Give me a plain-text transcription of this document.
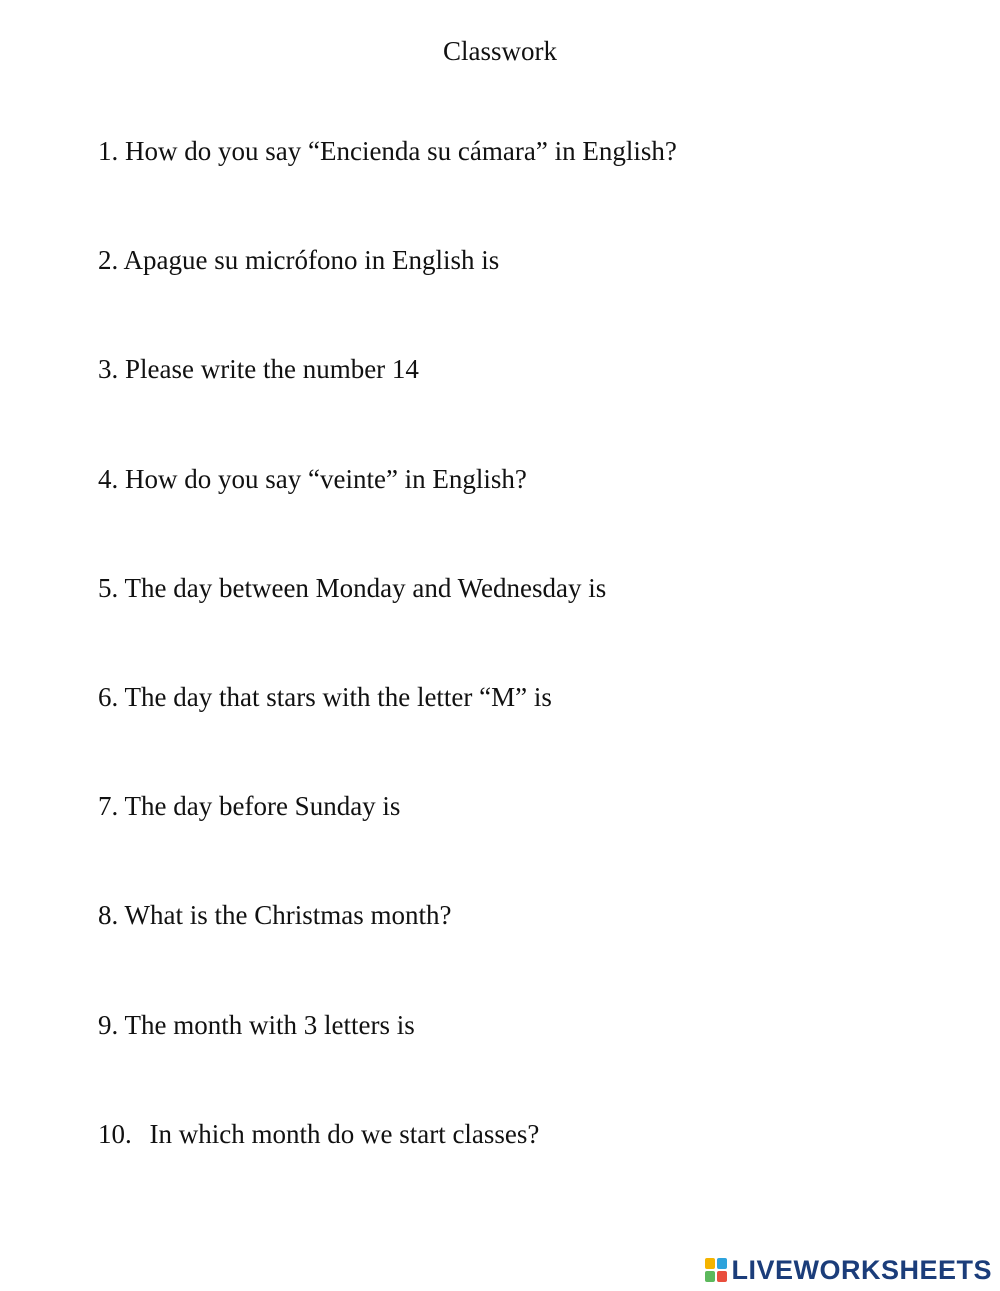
Classwork
1. How do you say “Encienda su cámara” in English?
2. Apague su micrófono in English is
3. Please write the number 14
4. How do you say “veinte” in English?
5. The day between Monday and Wednesday is
6. The day that stars with the letter “M” is
7. The day before Sunday is
8. What is the Christmas month?
9. The month with 3 letters is
10. In which month do we start classes?
LIVEWORKSHEETS
